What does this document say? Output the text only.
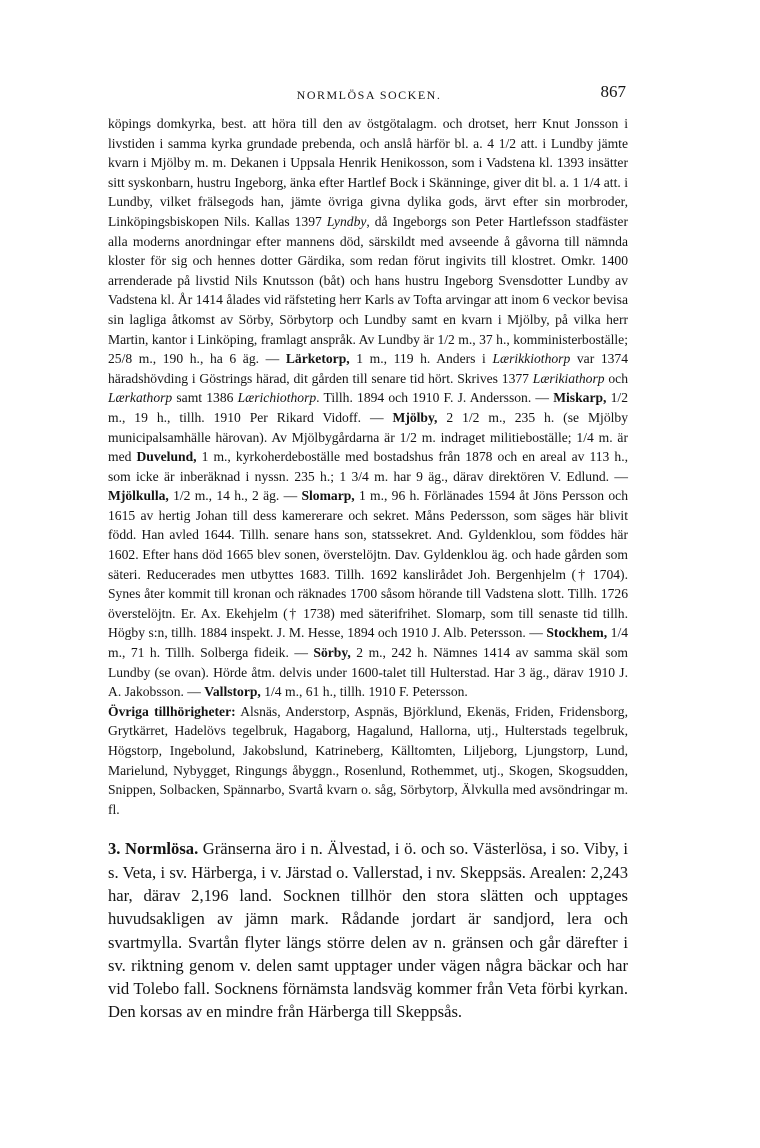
NORMLÖSA SOCKEN.	867

köpings domkyrka, best. att höra till den av östgötalagm. och drotset, herr Knut Jonsson i livstiden i samma kyrka grundade prebenda, och anslå härför bl. a. 4 1/2 att. i Lundby jämte kvarn i Mjölby m. m. Dekanen i Uppsala Henrik Henikosson, som i Vadstena kl. 1393 insätter sitt syskonbarn, hustru Ingeborg, änka efter Hartlef Bock i Skänninge, giver dit bl. a. 1 1/4 att. i Lundby, vilket frälsegods han, jämte övriga givna dylika gods, ärvt efter sin morbroder, Linköpingsbiskopen Nils. Kallas 1397 Lyndby, då Ingeborgs son Peter Hartlefsson stadfäster alla moderns anordningar efter mannens död, särskildt med avseende å gåvorna till nämnda kloster för sig och hennes dotter Gärdika, som redan förut ingivits till klostret. Omkr. 1400 arrenderade på livstid Nils Knutsson (båt) och hans hustru Ingeborg Svensdotter Lundby av Vadstena kl. År 1414 ålades vid räfsteting herr Karls av Tofta arvingar att inom 6 veckor bevisa sin lagliga åtkomst av Sörby, Sörbytorp och Lundby samt en kvarn i Mjölby, på vilka herr Martin, kantor i Linköping, framlagt anspråk. Av Lundby är 1/2 m., 37 h., komministerboställe; 25/8 m., 190 h., ha 6 äg. — Lärketorp, 1 m., 119 h. Anders i Lærikkiothorp var 1374 häradshövding i Göstrings härad, dit gården till senare tid hört. Skrives 1377 Lærikiathorp och Lærkathorp samt 1386 Lærichiothorp. Tillh. 1894 och 1910 F. J. Andersson. — Miskarp, 1/2 m., 19 h., tillh. 1910 Per Rikard Vidoff. — Mjölby, 2 1/2 m., 235 h. (se Mjölby municipalsamhälle härovan). Av Mjölbygårdarna är 1/2 m. indraget militieboställe; 1/4 m. är med Duvelund, 1 m., kyrkoherdeboställe med bostadshus från 1878 och en areal av 113 h., som icke är inberäknad i nyssn. 235 h.; 1 3/4 m. har 9 äg., därav direktören V. Edlund. — Mjölkulla, 1/2 m., 14 h., 2 äg. — Slomarp, 1 m., 96 h. Förlänades 1594 åt Jöns Persson och 1615 av hertig Johan till dess kamererare och sekret. Måns Pedersson, som säges här blivit född. Han avled 1644. Tillh. senare hans son, statssekret. And. Gyldenklou, som föddes här 1602. Efter hans död 1665 blev sonen, överstelöjtn. Dav. Gyldenklou äg. och hade gården som säteri. Reducerades men utbyttes 1683. Tillh. 1692 kanslirådet Joh. Bergenhjelm († 1704). Synes åter kommit till kronan och räknades 1700 såsom hörande till Vadstena slott. Tillh. 1726 överstelöjtn. Er. Ax. Ekehjelm († 1738) med säterifrihet. Slomarp, som till senaste tid tillh. Högby s:n, tillh. 1884 inspekt. J. M. Hesse, 1894 och 1910 J. Alb. Petersson. — Stockhem, 1/4 m., 71 h. Tillh. Solberga fideik. — Sörby, 2 m., 242 h. Nämnes 1414 av samma skäl som Lundby (se ovan). Hörde åtm. delvis under 1600-talet till Hulterstad. Har 3 äg., därav 1910 J. A. Jakobsson. — Vallstorp, 1/4 m., 61 h., tillh. 1910 F. Petersson.

Övriga tillhörigheter: Alsnäs, Anderstorp, Aspnäs, Björklund, Ekenäs, Friden, Fridensborg, Grytkärret, Hadelövs tegelbruk, Hagaborg, Hagalund, Hallorna, utj., Hulterstads tegelbruk, Högstorp, Ingebolund, Jakobslund, Katrineberg, Källtomten, Liljeborg, Ljungstorp, Lund, Marielund, Nybygget, Ringungs åbyggn., Rosenlund, Rothemmet, utj., Skogen, Skogsudden, Snippen, Solbacken, Spännarbo, Svartå kvarn o. såg, Sörbytorp, Älvkulla med avsöndringar m. fl.

3. Normlösa. Gränserna äro i n. Älvestad, i ö. och so. Västerlösa, i so. Viby, i s. Veta, i sv. Härberga, i v. Järstad o. Vallerstad, i nv. Skeppsäs. Arealen: 2,243 har, därav 2,196 land. Socknen tillhör den stora slätten och upptages huvudsakligen av jämn mark. Rådande jordart är sandjord, lera och svartmylla. Svartån flyter längs större delen av n. gränsen och går därefter i sv. riktning genom v. delen samt upptager under vägen några bäckar och har vid Tolebo fall. Socknens förnämsta landsväg kommer från Veta förbi kyrkan. Den korsas av en mindre från Härberga till Skeppsås.
